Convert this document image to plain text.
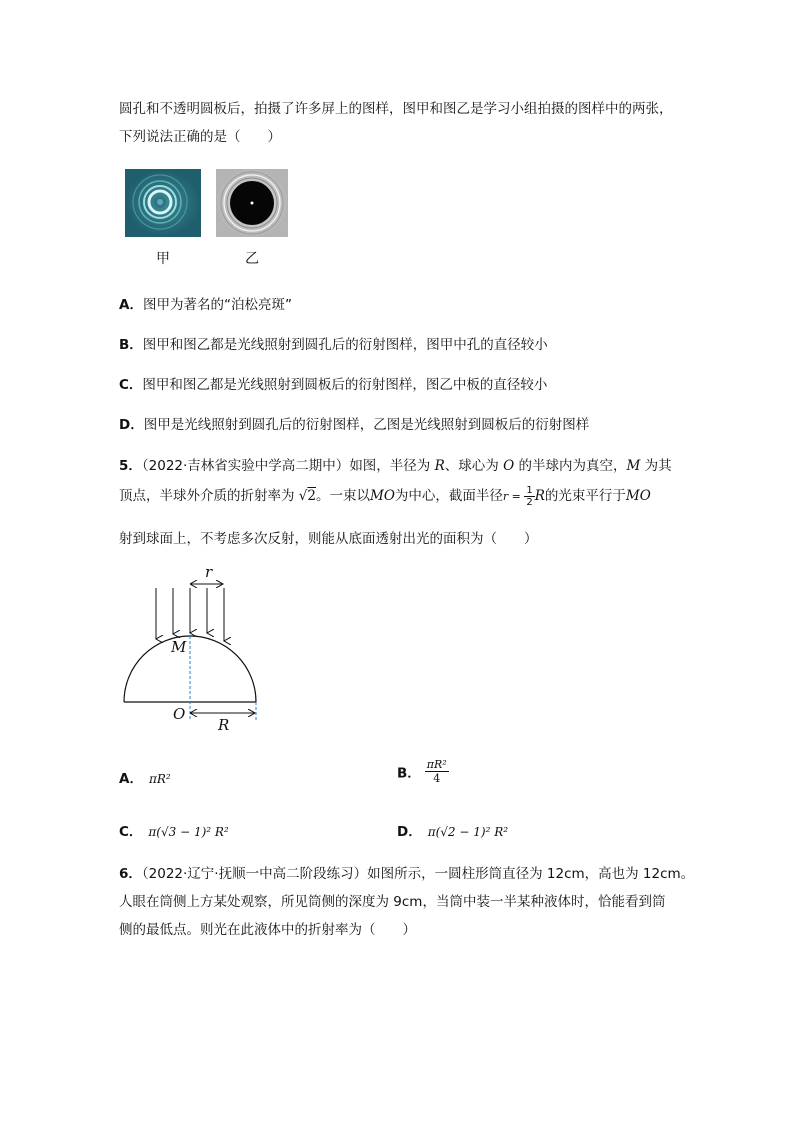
圆孔和不透明圆板后，拍摄了许多屏上的图样，图甲和图乙是学习小组拍摄的图样中的两张，
下列说法正确的是（　　）
甲	乙
A．图甲为著名的“泊松亮斑”
B．图甲和图乙都是光线照射到圆孔后的衍射图样，图甲中孔的直径较小
C．图甲和图乙都是光线照射到圆板后的衍射图样，图乙中板的直径较小
D．图甲是光线照射到圆孔后的衍射图样，乙图是光线照射到圆板后的衍射图样
5．（2022·吉林省实验中学高二期中）如图，半径为 R、球心为 O 的半球内为真空，M 为其
顶点，半球外介质的折射率为 √2。一束以MO为中心，截面半径$r = \frac{1}{2}$ R的光束平行于MO
射到球面上，不考虑多次反射，则能从底面透射出光的面积为（　　）
r
M
O
R
A． πR²	B． $\frac{\text{πR²}}{4}$
C． π(√3 − 1)² R²	D． π(√2 − 1)² R²
6．（2022·辽宁·抚顺一中高二阶段练习）如图所示，一圆柱形筒直径为 12cm，高也为 12cm。
人眼在筒侧上方某处观察，所见筒侧的深度为 9cm，当筒中装一半某种液体时，恰能看到筒
侧的最低点。则光在此液体中的折射率为（　　）
